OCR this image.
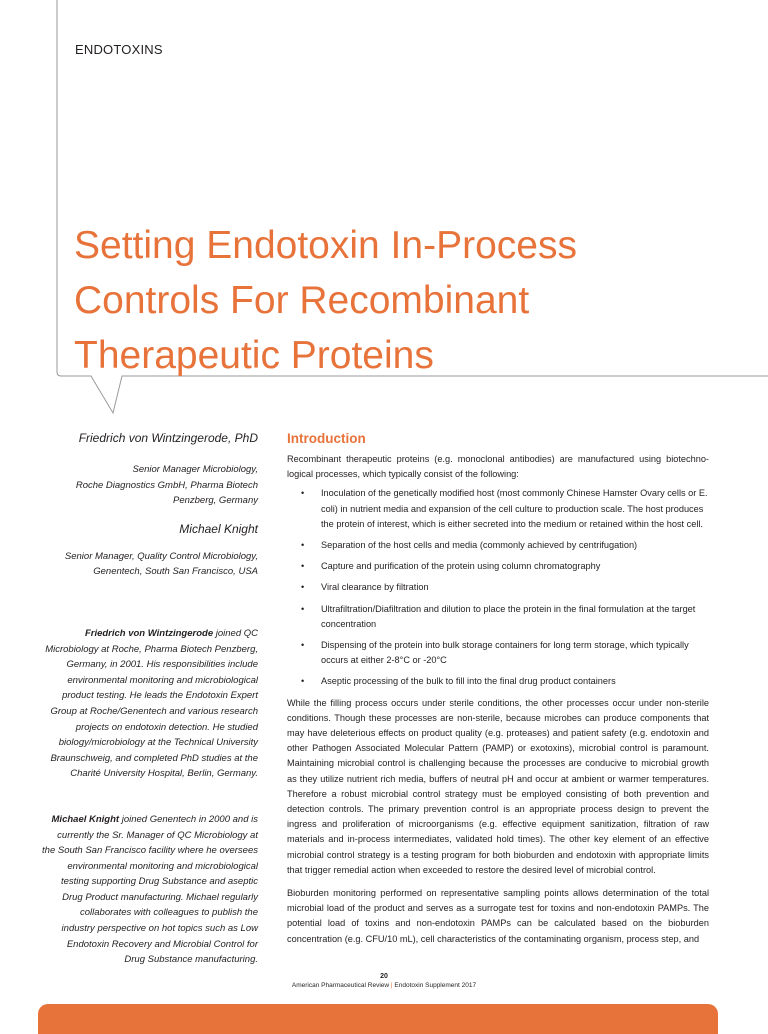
ENDOTOXINS
Setting Endotoxin In-Process
Controls For Recombinant
Therapeutic Proteins

Friedrich von Wintzingerode, PhD

Senior Manager Microbiology,
Roche Diagnostics GmbH, Pharma Biotech
Penzberg, Germany

Michael Knight

Senior Manager, Quality Control Microbiology,
Genentech, South San Francisco, USA

Friedrich von Wintzingerode joined QC
Microbiology at Roche, Pharma Biotech Penzberg,
Germany, in 2001. His responsibilities include
environmental monitoring and microbiological
product testing. He leads the Endotoxin Expert
Group at Roche/Genentech and various research
projects on endotoxin detection. He studied
biology/microbiology at the Technical University
Braunschweig, and completed PhD studies at the
Charité University Hospital, Berlin, Germany.

Michael Knight joined Genentech in 2000 and is
currently the Sr. Manager of QC Microbiology at
the South San Francisco facility where he oversees
environmental monitoring and microbiological
testing supporting Drug Substance and aseptic
Drug Product manufacturing. Michael regularly
collaborates with colleagues to publish the
industry perspective on hot topics such as Low
Endotoxin Recovery and Microbial Control for
Drug Substance manufacturing.

Introduction

Recombinant therapeutic proteins (e.g. monoclonal antibodies) are manufactured using biotechno-logical processes, which typically consist of the following:

• Inoculation of the genetically modified host (most commonly Chinese Hamster Ovary cells or E. coli) in nutrient media and expansion of the cell culture to production scale. The host produces the protein of interest, which is either secreted into the medium or retained within the host cell.
• Separation of the host cells and media (commonly achieved by centrifugation)
• Capture and purification of the protein using column chromatography
• Viral clearance by filtration
• Ultrafiltration/Diafiltration and dilution to place the protein in the final formulation at the target concentration
• Dispensing of the protein into bulk storage containers for long term storage, which typically occurs at either 2-8°C or -20°C
• Aseptic processing of the bulk to fill into the final drug product containers

While the filling process occurs under sterile conditions, the other processes occur under non-sterile conditions. Though these processes are non-sterile, because microbes can produce components that may have deleterious effects on product quality (e.g. proteases) and patient safety (e.g. endotoxin and other Pathogen Associated Molecular Pattern (PAMP) or exotoxins), microbial control is paramount. Maintaining microbial control is challenging because the processes are conducive to microbial growth as they utilize nutrient rich media, buffers of neutral pH and occur at ambient or warmer temperatures. Therefore a robust microbial control strategy must be employed consisting of both prevention and detection controls. The primary prevention control is an appropriate process design to prevent the ingress and proliferation of microorganisms (e.g. effective equipment sanitization, filtration of raw materials and in-process intermediates, validated hold times). The other key element of an effective microbial control strategy is a testing program for both bioburden and endotoxin with appropriate limits that trigger remedial action when exceeded to restore the desired level of microbial control.

Bioburden monitoring performed on representative sampling points allows determination of the total microbial load of the product and serves as a surrogate test for toxins and non-endotoxin PAMPs. The potential load of toxins and non-endotoxin PAMPs can be calculated based on the bioburden concentration (e.g. CFU/10 mL), cell characteristics of the contaminating organism, process step, and

20
American Pharmaceutical Review | Endotoxin Supplement 2017
